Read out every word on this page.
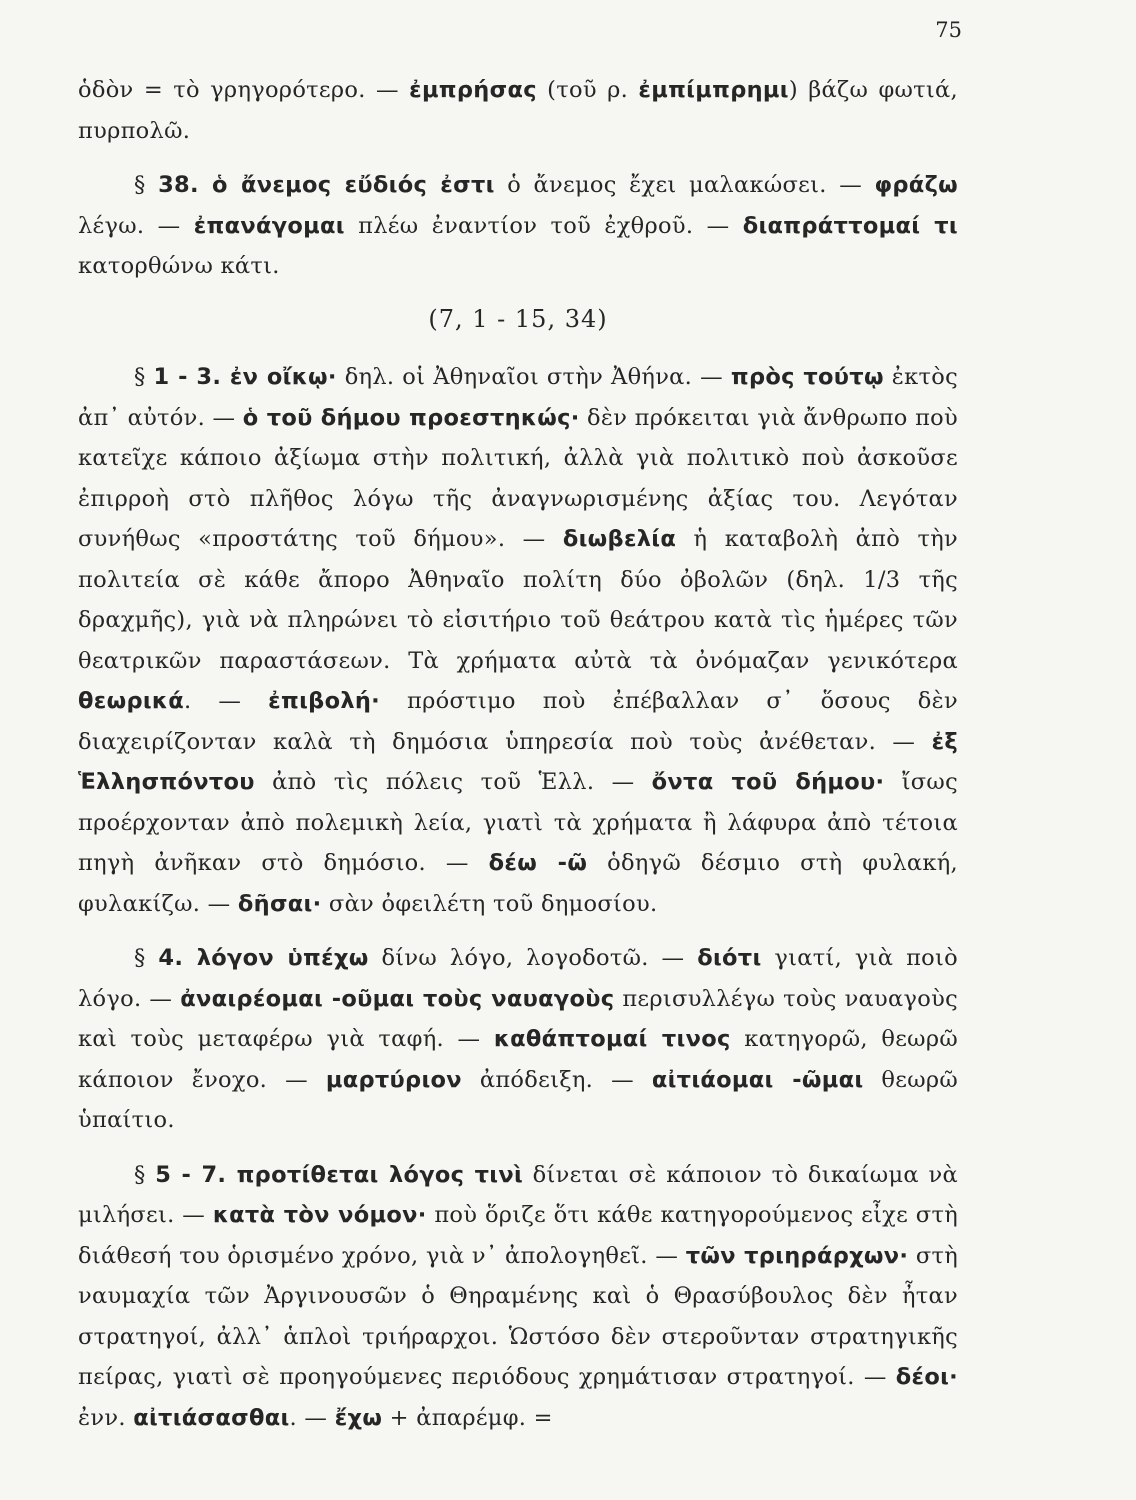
75

ὁδὸν = τὸ γρηγορότερο. — ἐμπρήσας (τοῦ ρ. ἐμπίμπρημι) βάζω φωτιά, πυρπολῶ.

§ 38. ὁ ἄνεμος εὔδιός ἐστι ὁ ἄνεμος ἔχει μαλακώσει. — φράζω λέγω. — ἐπανάγομαι πλέω ἐναντίον τοῦ ἐχθροῦ. — διαπράττομαί τι κατορθώνω κάτι.

(7, 1 - 15, 34)

§ 1 - 3. ἐν οἴκῳ· δηλ. οἱ Ἀθηναῖοι στὴν Ἀθήνα. — πρὸς τούτῳ ἐκτὸς ἀπ᾿ αὐτόν. — ὁ τοῦ δήμου προεστηκώς· δὲν πρόκειται γιὰ ἄνθρωπο ποὺ κατεῖχε κάποιο ἀξίωμα στὴν πολιτική, ἀλλὰ γιὰ πολιτικὸ ποὺ ἀσκοῦσε ἐπιρροὴ στὸ πλῆθος λόγω τῆς ἀναγνωρισμένης ἀξίας του. Λεγόταν συνήθως «προστάτης τοῦ δήμου». — διωβελία ἡ καταβολὴ ἀπὸ τὴν πολιτεία σὲ κάθε ἄπορο Ἀθηναῖο πολίτη δύο ὀβολῶν (δηλ. 1/3 τῆς δραχμῆς), γιὰ νὰ πληρώνει τὸ εἰσιτήριο τοῦ θεάτρου κατὰ τὶς ἡμέρες τῶν θεατρικῶν παραστάσεων. Τὰ χρήματα αὐτὰ τὰ ὀνόμαζαν γενικότερα θεωρικά. — ἐπιβολή· πρόστιμο ποὺ ἐπέβαλλαν σ᾿ ὅσους δὲν διαχειρίζονταν καλὰ τὴ δημόσια ὑπηρεσία ποὺ τοὺς ἀνέθεταν. — ἐξ Ἑλλησπόντου ἀπὸ τὶς πόλεις τοῦ Ἑλλ. — ὄντα τοῦ δήμου· ἴσως προέρχονταν ἀπὸ πολεμικὴ λεία, γιατὶ τὰ χρήματα ἢ λάφυρα ἀπὸ τέτοια πηγὴ ἀνῆκαν στὸ δημόσιο. — δέω -ῶ ὁδηγῶ δέσμιο στὴ φυλακή, φυλακίζω. — δῆσαι· σὰν ὀφειλέτη τοῦ δημοσίου.

§ 4. λόγον ὑπέχω δίνω λόγο, λογοδοτῶ. — διότι γιατί, γιὰ ποιὸ λόγο. — ἀναιρέομαι -οῦμαι τοὺς ναυαγοὺς περισυλλέγω τοὺς ναυαγοὺς καὶ τοὺς μεταφέρω γιὰ ταφή. — καθάπτομαί τινος κατηγορῶ, θεωρῶ κάποιον ἔνοχο. — μαρτύριον ἀπόδειξη. — αἰτιάομαι -ῶμαι θεωρῶ ὑπαίτιο.

§ 5 - 7. προτίθεται λόγος τινὶ δίνεται σὲ κάποιον τὸ δικαίωμα νὰ μιλήσει. — κατὰ τὸν νόμον· ποὺ ὅριζε ὅτι κάθε κατηγορούμενος εἶχε στὴ διάθεσή του ὁρισμένο χρόνο, γιὰ ν᾿ ἀπολογηθεῖ. — τῶν τριηράρχων· στὴ ναυμαχία τῶν Ἀργινουσῶν ὁ Θηραμένης καὶ ὁ Θρασύβουλος δὲν ἦταν στρατηγοί, ἀλλ᾿ ἁπλοὶ τριήραρχοι. Ὡστόσο δὲν στεροῦνταν στρατηγικῆς πείρας, γιατὶ σὲ προηγούμενες περιόδους χρημάτισαν στρατηγοί. — δέοι· ἐνν. αἰτιάσασθαι. — ἔχω + ἀπαρέμφ. =
